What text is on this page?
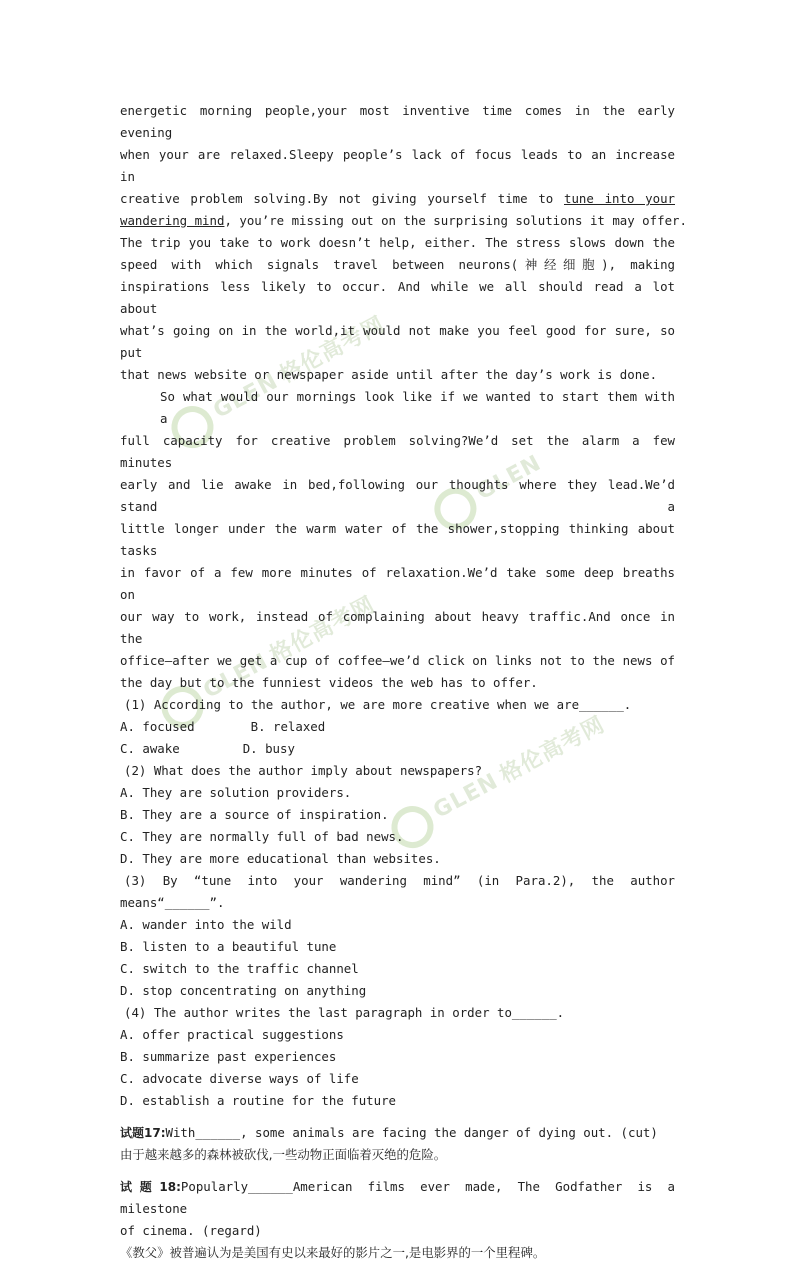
GLEN 格伦高考网
GLEN
GLEN 格伦高考网
GLEN 格伦高考网
energetic morning people,your most inventive time comes in the early evening
when your are relaxed.Sleepy people’s lack of focus leads to an increase in
creative problem solving.By not giving yourself time to tune into your
wandering mind, you’re missing out on the surprising solutions it may offer.
The trip you take to work doesn’t help, either. The stress slows down the
speed with which signals travel between neurons(神经细胞), making
inspirations less likely to occur. And while we all should read a lot about
what’s going on in the world,it would not make you feel good for sure, so put
that news website or newspaper aside until after the day’s work is done.
So what would our mornings look like if we wanted to start them with a
full capacity for creative problem solving?We’d set the alarm a few minutes
early and lie awake in bed,following our thoughts where they lead.We’d stand a
little longer under the warm water of the shower,stopping thinking about tasks
in favor of a few more minutes of relaxation.We’d take some deep breaths on
our way to work, instead of complaining about heavy traffic.And once in the
office—after we get a cup of coffee—we’d click on links not to the news of
the day but to the funniest videos the web has to offer.
(1) According to the author, we are more creative when we are______.
A. focused	B. relaxed
C. awake	D. busy
(2) What does the author imply about newspapers?
A. They are solution providers.
B. They are a source of inspiration.
C. They are normally full of bad news.
D. They are more educational than websites.
(3) By “tune into your wandering mind” (in Para.2), the author
means“______”.
A. wander into the wild
B. listen to a beautiful tune
C. switch to the traffic channel
D. stop concentrating on anything
(4) The author writes the last paragraph in order to______.
A. offer practical suggestions
B. summarize past experiences
C. advocate diverse ways of life
D. establish a routine for the future
试题17:With______, some animals are facing the danger of dying out. (cut)
由于越来越多的森林被砍伐,一些动物正面临着灭绝的危险。
试题18:Popularly______American films ever made, The Godfather is a milestone
of cinema. (regard)
《教父》被普遍认为是美国有史以来最好的影片之一,是电影界的一个里程碑。
